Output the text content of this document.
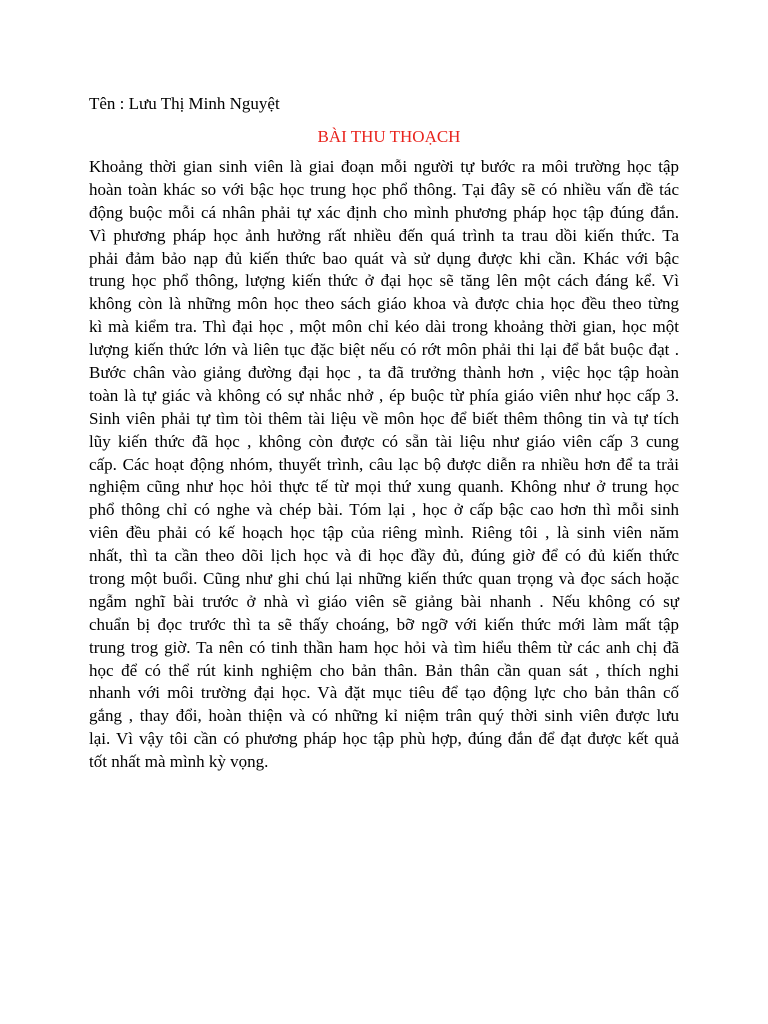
Tên : Lưu Thị Minh Nguyệt
BÀI THU THOẠCH
Khoảng thời gian sinh viên là giai đoạn mỗi người tự bước ra môi trường học tập
hoàn toàn khác so với bậc học trung học phổ thông. Tại đây sẽ có nhiều vấn đề tác
động buộc mỗi cá nhân phải tự xác định cho mình phương pháp học tập đúng đắn.
Vì phương pháp học ảnh hưởng rất nhiều đến quá trình ta trau dồi kiến thức. Ta
phải đảm bảo nạp đủ kiến thức bao quát và sử dụng được khi cần. Khác với bậc
trung học phổ thông, lượng kiến thức ở đại học sẽ tăng lên một cách đáng kể. Vì
không còn là những môn học theo sách giáo khoa và được chia học đều theo từng
kì mà kiểm tra. Thì đại học , một môn chỉ kéo dài trong khoảng thời gian, học một
lượng kiến thức lớn và liên tục đặc biệt nếu có rớt môn phải thi lại để bắt buộc đạt .
Bước chân vào giảng đường đại học , ta đã trưởng thành hơn , việc học tập hoàn
toàn là tự giác và không có sự nhắc nhở , ép buộc từ phía giáo viên như học cấp 3.
Sinh viên phải tự tìm tòi thêm tài liệu về môn học để biết thêm thông tin và tự tích
lũy kiến thức đã học , không còn được có sẵn tài liệu như giáo viên cấp 3 cung
cấp. Các hoạt động nhóm, thuyết trình, câu lạc bộ được diễn ra nhiều hơn để ta trải
nghiệm cũng như học hỏi thực tế từ mọi thứ xung quanh. Không như ở trung học
phổ thông chỉ có nghe và chép bài. Tóm lại , học ở cấp bậc cao hơn thì mỗi sinh
viên đều phải có kế hoạch học tập của riêng mình. Riêng tôi , là sinh viên năm
nhất, thì ta cần theo dõi lịch học và đi học đầy đủ, đúng giờ để có đủ kiến thức
trong một buổi. Cũng như ghi chú lại những kiến thức quan trọng và đọc sách hoặc
ngẫm nghĩ bài trước ở nhà vì giáo viên sẽ giảng bài nhanh . Nếu không có sự
chuẩn bị đọc trước thì ta sẽ thấy choáng, bỡ ngỡ với kiến thức mới làm mất tập
trung trog giờ. Ta nên có tinh thần ham học hỏi và tìm hiểu thêm từ các anh chị đã
học để có thể rút kinh nghiệm cho bản thân. Bản thân cần quan sát , thích nghi
nhanh với môi trường đại học. Và đặt mục tiêu để tạo động lực cho bản thân cố
gắng , thay đổi, hoàn thiện và có những kỉ niệm trân quý thời sinh viên được lưu
lại. Vì vậy tôi cần có phương pháp học tập phù hợp, đúng đắn để đạt được kết quả
tốt nhất mà mình kỳ vọng.
